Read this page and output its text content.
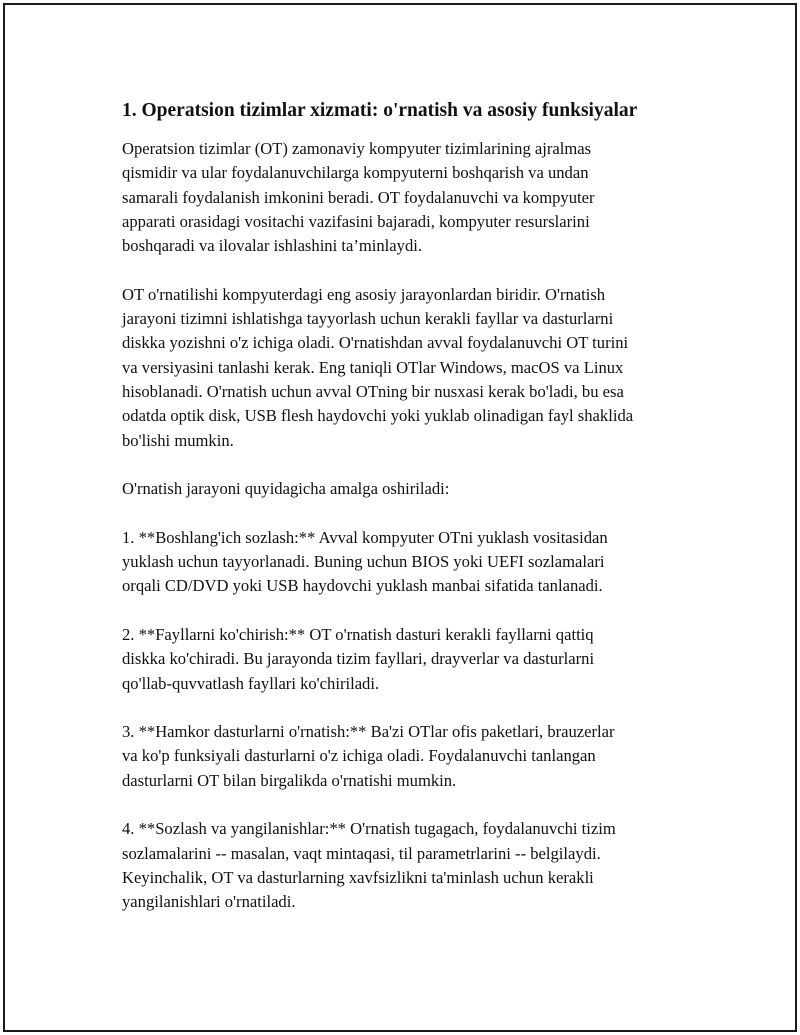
1. Operatsion tizimlar xizmati: o'rnatish va asosiy funksiyalar

Operatsion tizimlar (OT) zamonaviy kompyuter tizimlarining ajralmas
qismidir va ular foydalanuvchilarga kompyuterni boshqarish va undan
samarali foydalanish imkonini beradi. OT foydalanuvchi va kompyuter
apparati orasidagi vositachi vazifasini bajaradi, kompyuter resurslarini
boshqaradi va ilovalar ishlashini ta’minlaydi.

OT o'rnatilishi kompyuterdagi eng asosiy jarayonlardan biridir. O'rnatish
jarayoni tizimni ishlatishga tayyorlash uchun kerakli fayllar va dasturlarni
diskka yozishni o'z ichiga oladi. O'rnatishdan avval foydalanuvchi OT turini
va versiyasini tanlashi kerak. Eng taniqli OTlar Windows, macOS va Linux
hisoblanadi. O'rnatish uchun avval OTning bir nusxasi kerak bo'ladi, bu esa
odatda optik disk, USB flesh haydovchi yoki yuklab olinadigan fayl shaklida
bo'lishi mumkin.

O'rnatish jarayoni quyidagicha amalga oshiriladi:

1. **Boshlang'ich sozlash:** Avval kompyuter OTni yuklash vositasidan
yuklash uchun tayyorlanadi. Buning uchun BIOS yoki UEFI sozlamalari
orqali CD/DVD yoki USB haydovchi yuklash manbai sifatida tanlanadi.

2. **Fayllarni ko'chirish:** OT o'rnatish dasturi kerakli fayllarni qattiq
diskka ko'chiradi. Bu jarayonda tizim fayllari, drayverlar va dasturlarni
qo'llab-quvvatlash fayllari ko'chiriladi.

3. **Hamkor dasturlarni o'rnatish:** Ba'zi OTlar ofis paketlari, brauzerlar
va ko'p funksiyali dasturlarni o'z ichiga oladi. Foydalanuvchi tanlangan
dasturlarni OT bilan birgalikda o'rnatishi mumkin.

4. **Sozlash va yangilanishlar:** O'rnatish tugagach, foydalanuvchi tizim
sozlamalarini -- masalan, vaqt mintaqasi, til parametrlarini -- belgilaydi.
Keyinchalik, OT va dasturlarning xavfsizlikni ta'minlash uchun kerakli
yangilanishlari o'rnatiladi.
